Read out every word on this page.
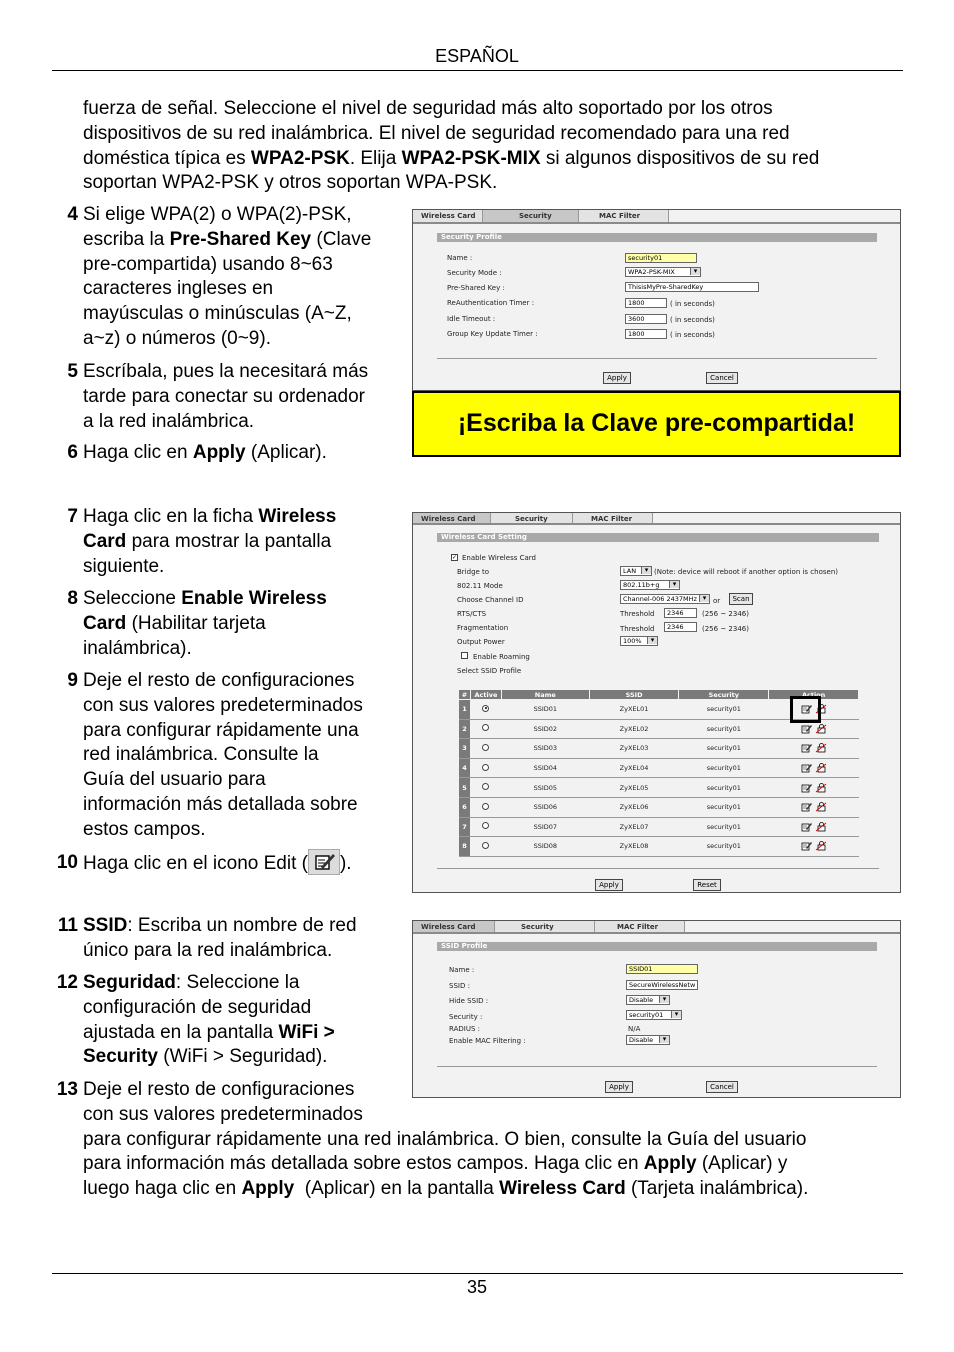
ESPAÑOL
fuerza de señal. Seleccione el nivel de seguridad más alto soportado por los otros
dispositivos de su red inalámbrica. El nivel de seguridad recomendado para una red
doméstica típica es WPA2-PSK. Elija WPA2-PSK-MIX si algunos dispositivos de su red
soportan WPA2-PSK y otros soportan WPA-PSK.
4 Si elige WPA(2) o WPA(2)-PSK,
escriba la Pre-Shared Key (Clave
pre-compartida) usando 8~63
caracteres ingleses en
mayúsculas o minúsculas (A~Z,
a~z) o números (0~9).
5 Escríbala, pues la necesitará más
tarde para conectar su ordenador
a la red inalámbrica.
6 Haga clic en Apply (Aplicar).
Wireless Card	Security	MAC Filter
Security Profile
Name :	security01
Security Mode :	WPA2-PSK-MIX ▾
Pre-Shared Key :	ThisisMyPre-SharedKey
ReAuthentication Timer :	1800	( in seconds)
Idle Timeout :	3600	( in seconds)
Group Key Update Timer :	1800	( in seconds)
Apply	Cancel
¡Escriba la Clave pre-compartida!
7 Haga clic en la ficha Wireless
Card para mostrar la pantalla
siguiente.
8 Seleccione Enable Wireless
Card (Habilitar tarjeta
inalámbrica).
9 Deje el resto de configuraciones
con sus valores predeterminados
para configurar rápidamente una
red inalámbrica. Consulte la
Guía del usuario para
información más detallada sobre
estos campos.
10 Haga clic en el icono Edit ( ).
Wireless Card	Security	MAC Filter
Wireless Card Setting
✓ Enable Wireless Card
Bridge to	LAN ▾	(Note: device will reboot if another option is chosen)
802.11 Mode	802.11b+g ▾
Choose Channel ID	Channel-006 2437MHz ▾	or	Scan
RTS/CTS	Threshold	2346	(256 ~ 2346)
Fragmentation	Threshold	2346	(256 ~ 2346)
Output Power	100% ▾
Enable Roaming
Select SSID Profile
#	Active	Name	SSID	Security	Action
1		SSID01	ZyXEL01	security01	
2		SSID02	ZyXEL02	security01	
3		SSID03	ZyXEL03	security01	
4		SSID04	ZyXEL04	security01	
5		SSID05	ZyXEL05	security01	
6		SSID06	ZyXEL06	security01	
7		SSID07	ZyXEL07	security01	
8		SSID08	ZyXEL08	security01	
Apply	Reset
11 SSID: Escriba un nombre de red
único para la red inalámbrica.
12 Seguridad: Seleccione la
configuración de seguridad
ajustada en la pantalla WiFi >
Security (WiFi > Seguridad).
13 Deje el resto de configuraciones
con sus valores predeterminados
para configurar rápidamente una red inalámbrica. O bien, consulte la Guía del usuario
para información más detallada sobre estos campos. Haga clic en Apply (Aplicar) y
luego haga clic en Apply  (Aplicar) en la pantalla Wireless Card (Tarjeta inalámbrica).
Wireless Card	Security	MAC Filter
SSID Profile
Name :	SSID01
SSID :	SecureWirelessNetw
Hide SSID :	Disable ▾
Security :	security01 ▾
RADIUS :	N/A
Enable MAC Filtering :	Disable ▾
Apply	Cancel
35
